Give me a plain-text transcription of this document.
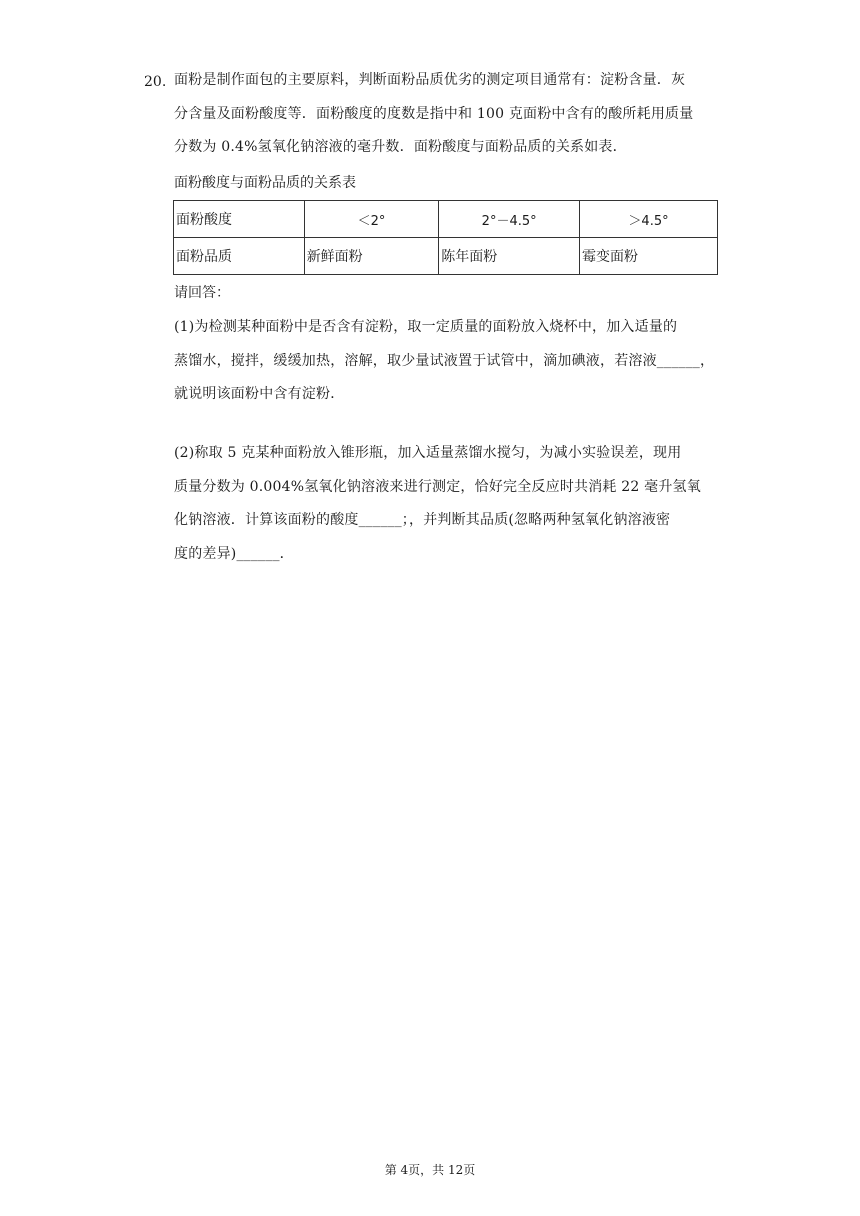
20. 面粉是制作面包的主要原料，判断面粉品质优劣的测定项目通常有：淀粉含量．灰
分含量及面粉酸度等．面粉酸度的度数是指中和 100 克面粉中含有的酸所耗用质量
分数为 0.4%氢氧化钠溶液的毫升数．面粉酸度与面粉品质的关系如表．
面粉酸度与面粉品质的关系表
面粉酸度	＜2°	2°－4.5°	＞4.5°
面粉品质	新鲜面粉	陈年面粉	霉变面粉
请回答：
(1)为检测某种面粉中是否含有淀粉，取一定质量的面粉放入烧杯中，加入适量的
蒸馏水，搅拌，缓缓加热，溶解，取少量试液置于试管中，滴加碘液，若溶液______，
就说明该面粉中含有淀粉．
(2)称取 5 克某种面粉放入锥形瓶，加入适量蒸馏水搅匀，为减小实验误差，现用
质量分数为 0.004%氢氧化钠溶液来进行测定，恰好完全反应时共消耗 22 毫升氢氧
化钠溶液．计算该面粉的酸度______；，并判断其品质(忽略两种氢氧化钠溶液密
度的差异)______．
第 4页，共 12页
